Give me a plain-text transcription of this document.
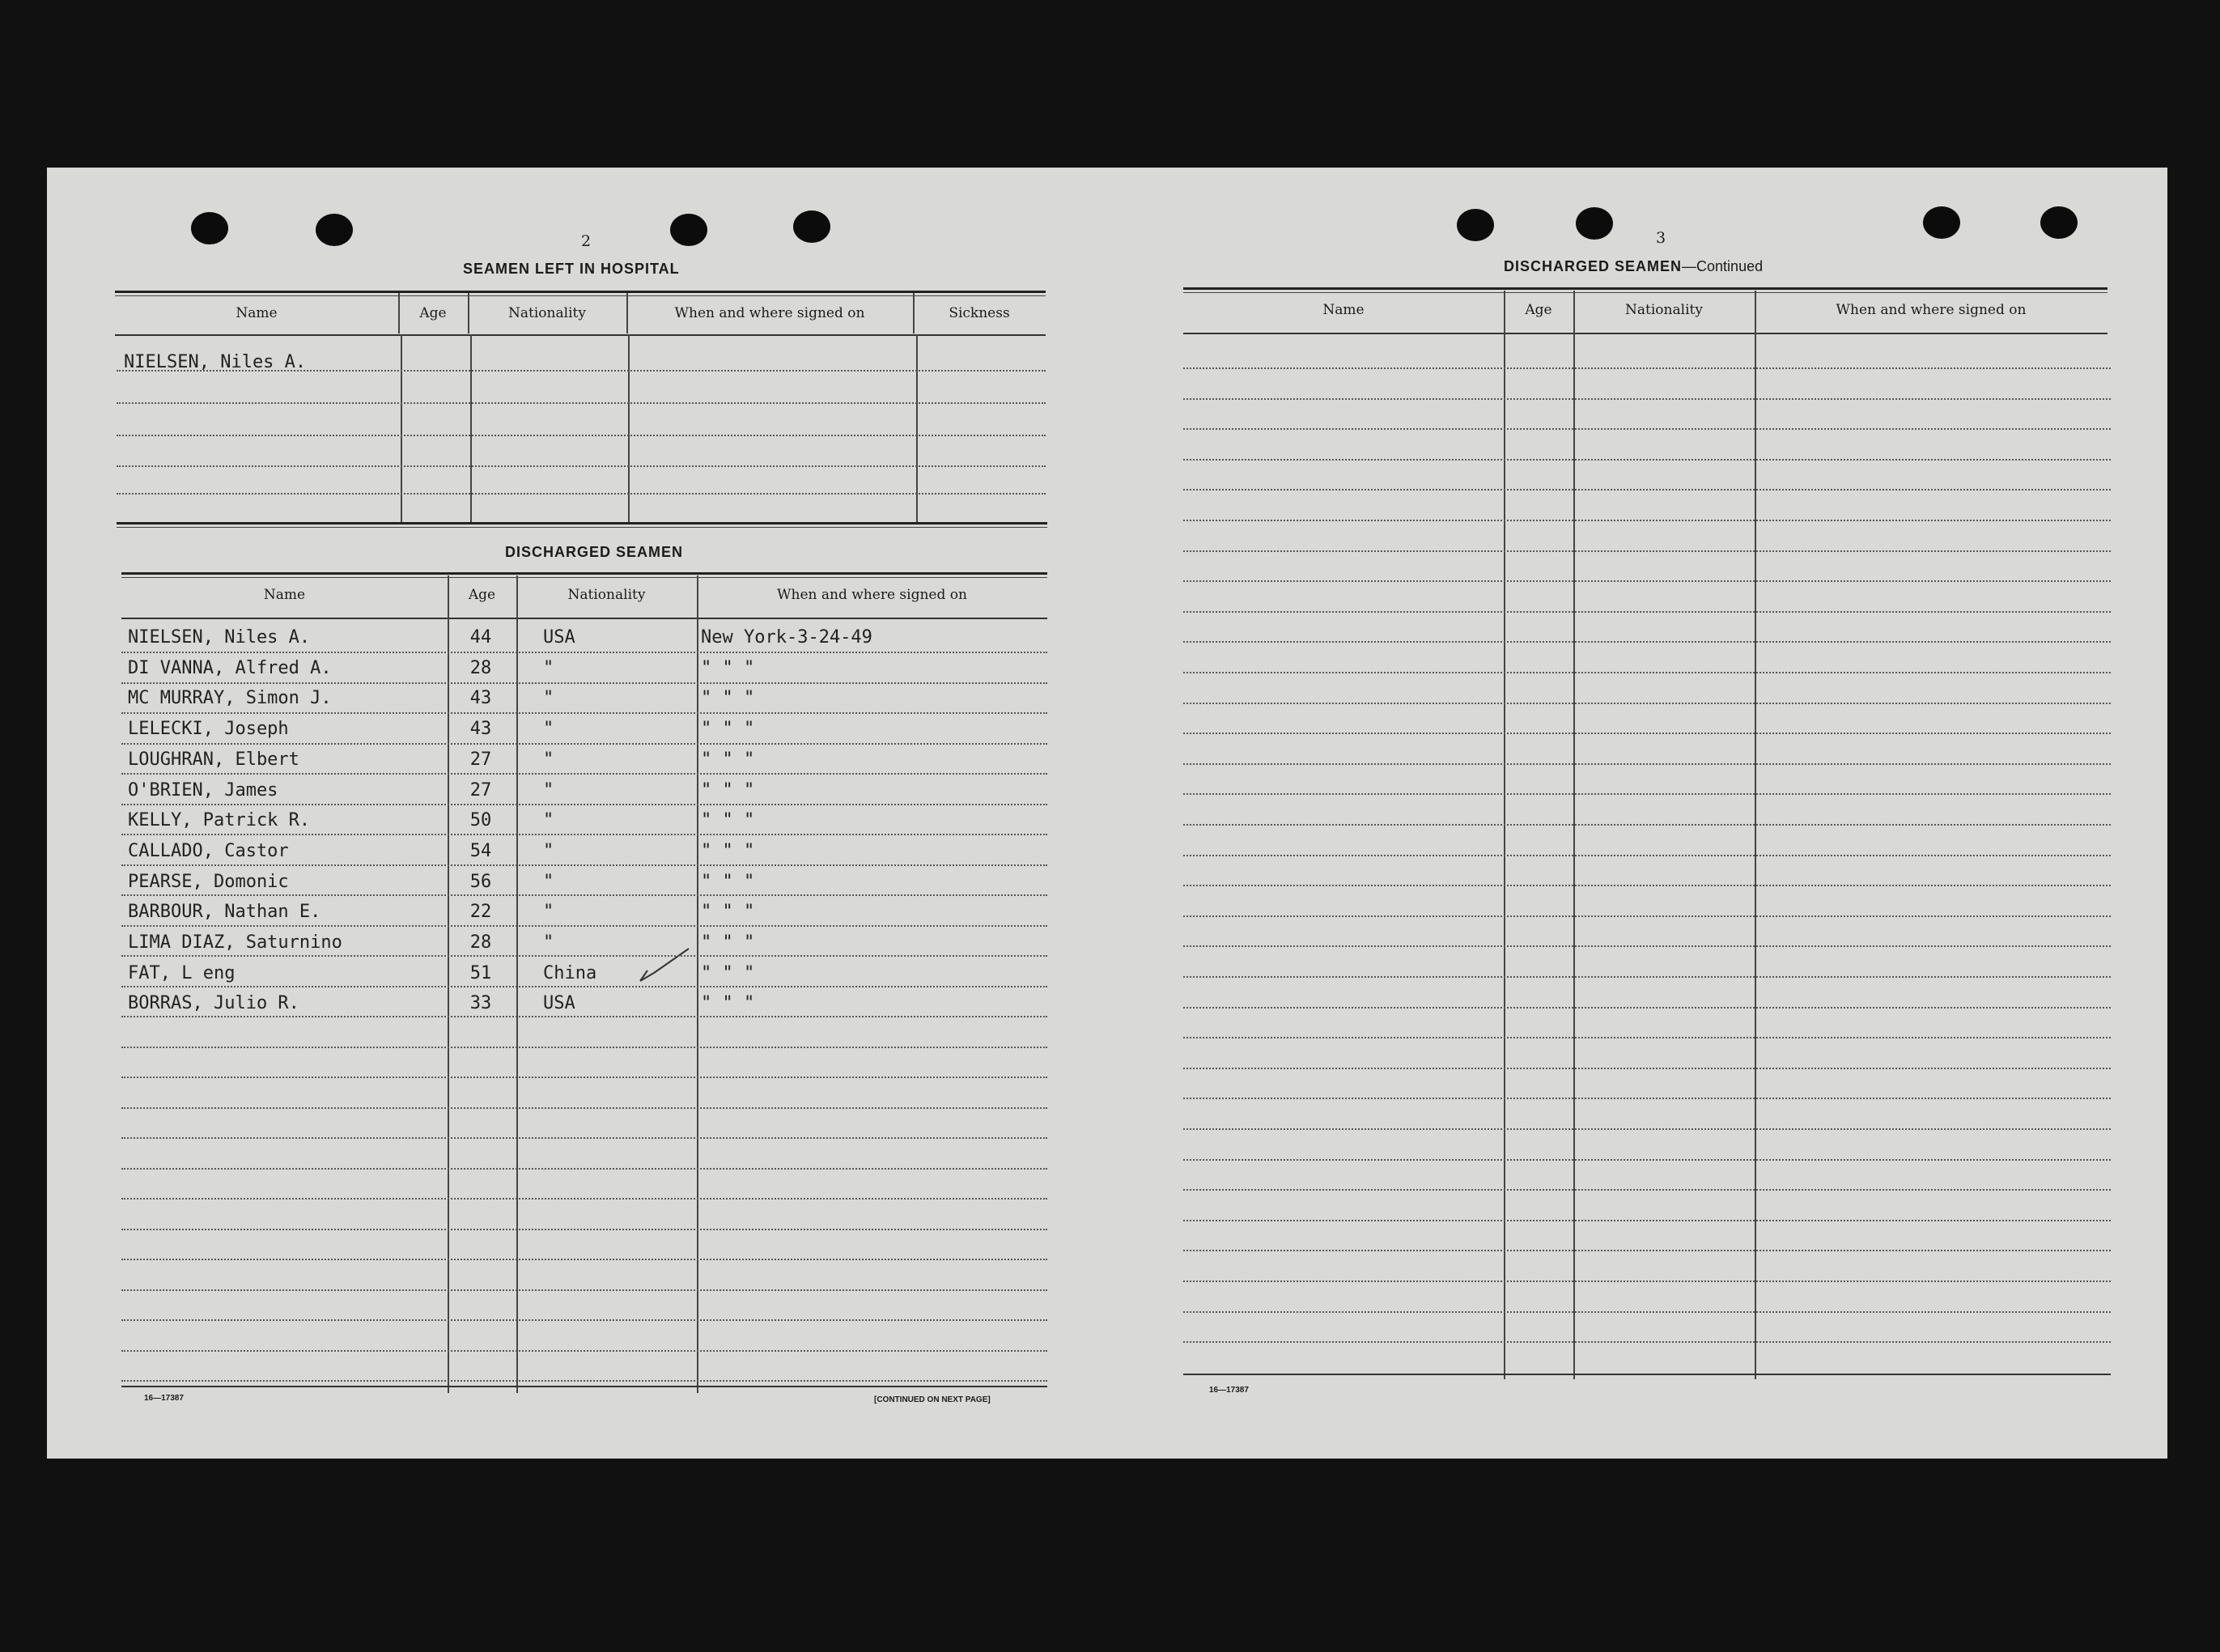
2
SEAMEN LEFT IN HOSPITAL
NIELSEN, Niles A.
DISCHARGED SEAMEN
16—17387	[CONTINUED ON NEXT PAGE]
3
DISCHARGED SEAMEN—Continued
16—17387
Name	Age	Nationality	When and where signed on	Sickness
Name	Age	Nationality	When and where signed on
NIELSEN, Niles A.	44	USA	New York-3-24-49
DI VANNA, Alfred A.	28	"	" " "
MC MURRAY, Simon J.	43	"	" " "
LELECKI, Joseph	43	"	" " "
LOUGHRAN, Elbert	27	"	" " "
O'BRIEN, James	27	"	" " "
KELLY, Patrick R.	50	"	" " "
CALLADO, Castor	54	"	" " "
PEARSE, Domonic	56	"	" " "
BARBOUR, Nathan E.	22	"	" " "
LIMA DIAZ, Saturnino	28	"	" " "
FAT, L eng	51	China	" " "
BORRAS, Julio R.	33	USA	" " "
Name	Age	Nationality	When and where signed on
